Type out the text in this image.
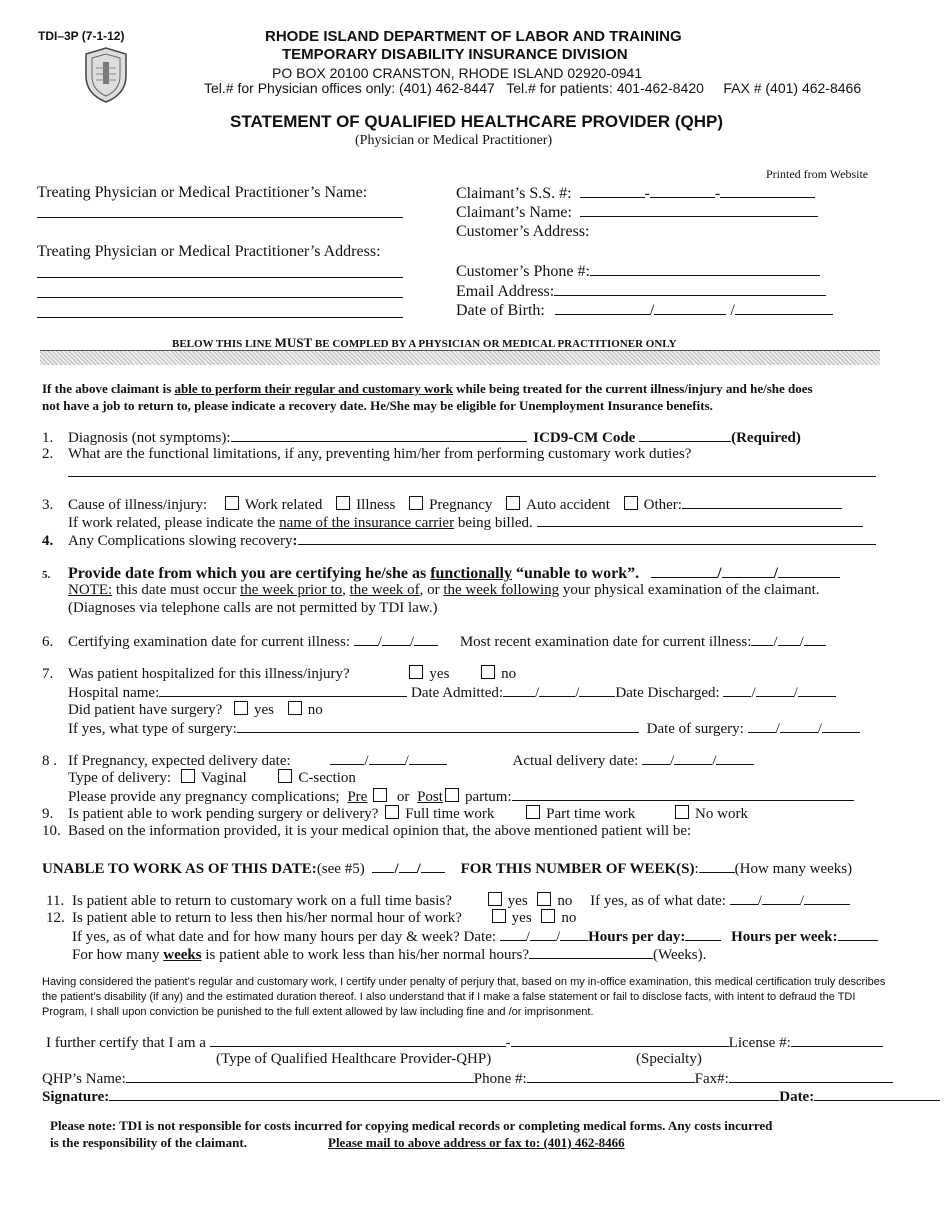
TDI–3P (7-1-12)	RHODE ISLAND DEPARTMENT OF LABOR AND TRAINING
TEMPORARY DISABILITY INSURANCE DIVISION
PO BOX 20100 CRANSTON, RHODE ISLAND 02920-0941
Tel.# for Physician offices only: (401) 462-8447   Tel.# for patients: 401-462-8420     FAX # (401) 462-8466
STATEMENT OF QUALIFIED HEALTHCARE PROVIDER (QHP)
(Physician or Medical Practitioner)
Printed from Website
Treating Physician or Medical Practitioner’s Name:
Treating Physician or Medical Practitioner’s Address:
Claimant’s S.S. #:	-	-
Claimant’s Name:
Customer’s Address:
Customer’s Phone #:
Email Address:
Date of Birth:	/	/
BELOW THIS LINE MUST BE COMPLED BY A PHYSICIAN OR MEDICAL PRACTITIONER ONLY
If the above claimant is able to perform their regular and customary work while being treated for the current illness/injury and he/she does
not have a job to return to, please indicate a recovery date. He/She may be eligible for Unemployment Insurance benefits.
1. Diagnosis (not symptoms):	ICD9-CM Code	(Required)
2. What are the functional limitations, if any, preventing him/her from performing customary work duties?
3. Cause of illness/injury:	Work related Illness Pregnancy Auto accident Other:
If work related, please indicate the name of the insurance carrier being billed.
4. Any Complications slowing recovery:
5. Provide date from which you are certifying he/she as functionally “unable to work”.	/	/
NOTE: this date must occur the week prior to, the week of, or the week following your physical examination of the claimant.
(Diagnoses via telephone calls are not permitted by TDI law.)
6. Certifying examination date for current illness: / /	Most recent examination date for current illness: / /
7. Was patient hospitalized for this illness/injury?	yes	no
Hospital name:	Date Admitted: / / Date Discharged: /	/
Did patient have surgery? yes no
If yes, what type of surgery:	Date of surgery: /	/
8 . If Pregnancy, expected delivery date:	/ /	Actual delivery date: /	/
Type of delivery: Vaginal	C-section
Please provide any pregnancy complications; Pre or Post partum:
9. Is patient able to work pending surgery or delivery? Full time work	Part time work	No work
10. Based on the information provided, it is your medical opinion that, the above mentioned patient will be:
UNABLE TO WORK AS OF THIS DATE:(see #5) / /	FOR THIS NUMBER OF WEEK(S): (How many weeks)
11. Is patient able to return to customary work on a full time basis?	yes no If yes, as of what date: /	/
12. Is patient able to return to less then his/her normal hour of work?	yes no
If yes, as of what date and for how many hours per day & week? Date: / / Hours per day:	Hours per week:
For how many weeks is patient able to work less than his/her normal hours?	(Weeks).
Having considered the patient’s regular and customary work, I certify under penalty of perjury that, based on my in-office examination, this medical certification truly describes the patient’s disability (if any) and the estimated duration thereof. I also understand that if I make a false statement or fail to disclose facts, with intent to defraud the TDI Program, I shall upon conviction be punished to the full extent allowed by law including fine and /or imprisonment.
I further certify that I am a	-	License #:
(Type of Qualified Healthcare Provider-QHP)	(Specialty)
QHP’s Name:	Phone #:	Fax#:
Signature:	Date:
Please note: TDI is not responsible for costs incurred for copying medical records or completing medical forms. Any costs incurred
is the responsibility of the claimant.	Please mail to above address or fax to: (401) 462-8466
